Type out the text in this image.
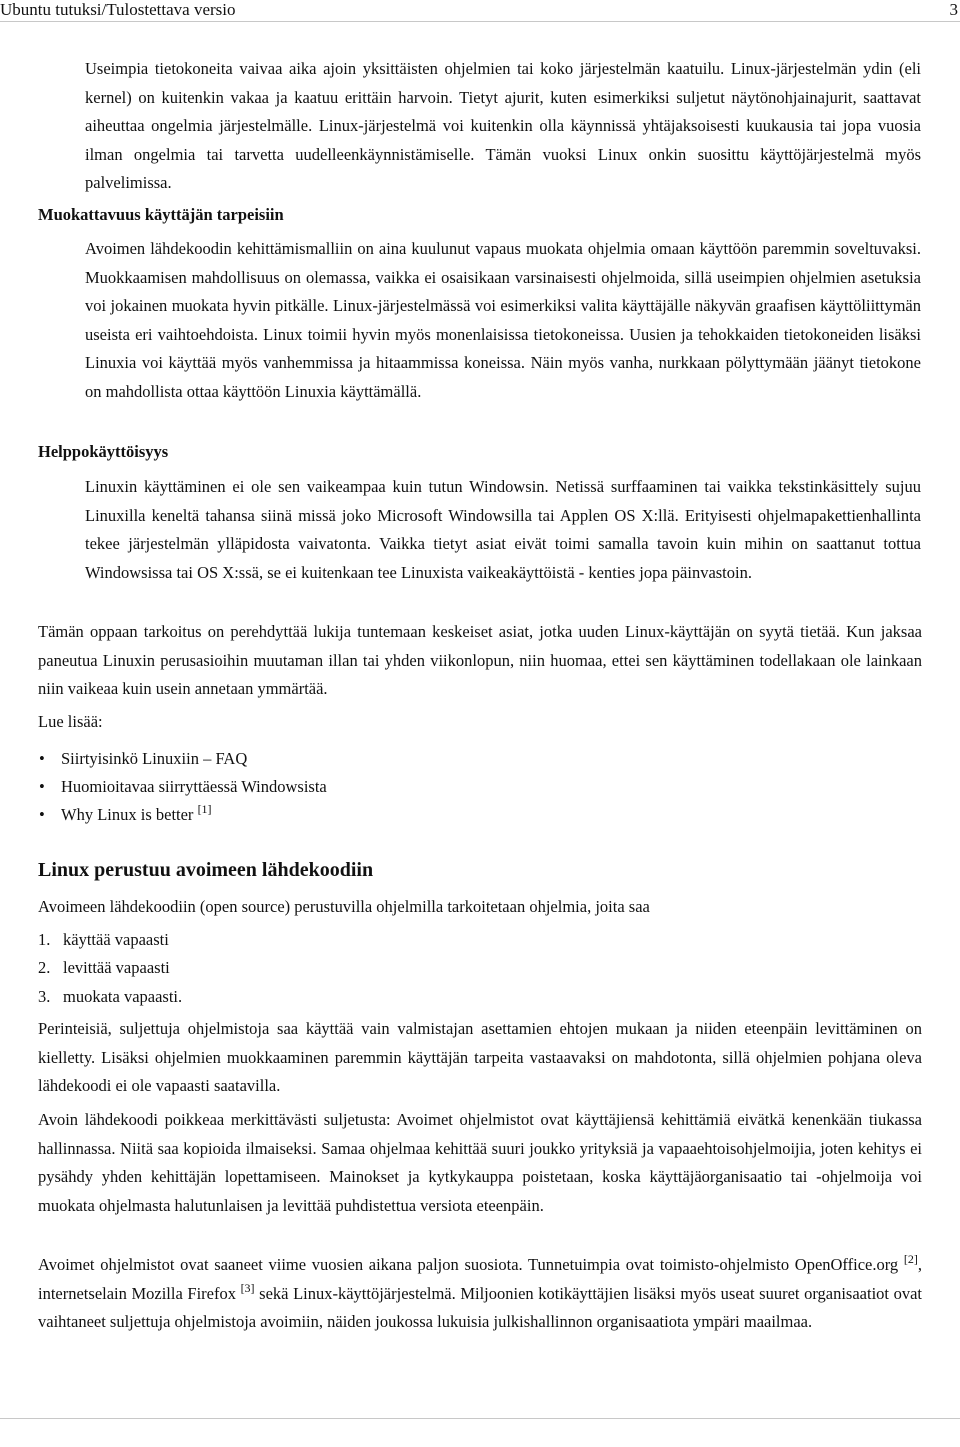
Ubuntu tutuksi/Tulostettava versio	3

Useimpia tietokoneita vaivaa aika ajoin yksittäisten ohjelmien tai koko järjestelmän kaatuilu. Linux-järjestelmän ydin (eli kernel) on kuitenkin vakaa ja kaatuu erittäin harvoin. Tietyt ajurit, kuten esimerkiksi suljetut näytönohjainajurit, saattavat aiheuttaa ongelmia järjestelmälle. Linux-järjestelmä voi kuitenkin olla käynnissä yhtäjaksoisesti kuukausia tai jopa vuosia ilman ongelmia tai tarvetta uudelleenkäynnistämiselle. Tämän vuoksi Linux onkin suosittu käyttöjärjestelmä myös palvelimissa.

Muokattavuus käyttäjän tarpeisiin

Avoimen lähdekoodin kehittämismalliin on aina kuulunut vapaus muokata ohjelmia omaan käyttöön paremmin soveltuvaksi. Muokkaamisen mahdollisuus on olemassa, vaikka ei osaisikaan varsinaisesti ohjelmoida, sillä useimpien ohjelmien asetuksia voi jokainen muokata hyvin pitkälle. Linux-järjestelmässä voi esimerkiksi valita käyttäjälle näkyvän graafisen käyttöliittymän useista eri vaihtoehdoista. Linux toimii hyvin myös monenlaisissa tietokoneissa. Uusien ja tehokkaiden tietokoneiden lisäksi Linuxia voi käyttää myös vanhemmissa ja hitaammissa koneissa. Näin myös vanha, nurkkaan pölyttymään jäänyt tietokone on mahdollista ottaa käyttöön Linuxia käyttämällä.

Helppokäyttöisyys

Linuxin käyttäminen ei ole sen vaikeampaa kuin tutun Windowsin. Netissä surffaaminen tai vaikka tekstinkäsittely sujuu Linuxilla keneltä tahansa siinä missä joko Microsoft Windowsilla tai Applen OS X:llä. Erityisesti ohjelmapakettienhallinta tekee järjestelmän ylläpidosta vaivatonta. Vaikka tietyt asiat eivät toimi samalla tavoin kuin mihin on saattanut tottua Windowsissa tai OS X:ssä, se ei kuitenkaan tee Linuxista vaikeakäyttöistä - kenties jopa päinvastoin.

Tämän oppaan tarkoitus on perehdyttää lukija tuntemaan keskeiset asiat, jotka uuden Linux-käyttäjän on syytä tietää. Kun jaksaa paneutua Linuxin perusasioihin muutaman illan tai yhden viikonlopun, niin huomaa, ettei sen käyttäminen todellakaan ole lainkaan niin vaikeaa kuin usein annetaan ymmärtää.

Lue lisää:

• Siirtyisinkö Linuxiin – FAQ
• Huomioitavaa siirryttäessä Windowsista
• Why Linux is better [1]
Linux perustuu avoimeen lähdekoodiin

Avoimeen lähdekoodiin (open source) perustuvilla ohjelmilla tarkoitetaan ohjelmia, joita saa

1. käyttää vapaasti
2. levittää vapaasti
3. muokata vapaasti.

Perinteisiä, suljettuja ohjelmistoja saa käyttää vain valmistajan asettamien ehtojen mukaan ja niiden eteenpäin levittäminen on kielletty. Lisäksi ohjelmien muokkaaminen paremmin käyttäjän tarpeita vastaavaksi on mahdotonta, sillä ohjelmien pohjana oleva lähdekoodi ei ole vapaasti saatavilla.

Avoin lähdekoodi poikkeaa merkittävästi suljetusta: Avoimet ohjelmistot ovat käyttäjiensä kehittämiä eivätkä kenenkään tiukassa hallinnassa. Niitä saa kopioida ilmaiseksi. Samaa ohjelmaa kehittää suuri joukko yrityksiä ja vapaaehtoisohjelmoijia, joten kehitys ei pysähdy yhden kehittäjän lopettamiseen. Mainokset ja kytkykauppa poistetaan, koska käyttäjäorganisaatio tai -ohjelmoija voi muokata ohjelmasta halutunlaisen ja levittää puhdistettua versiota eteenpäin.

Avoimet ohjelmistot ovat saaneet viime vuosien aikana paljon suosiota. Tunnetuimpia ovat toimisto-ohjelmisto OpenOffice.org [2], internetselain Mozilla Firefox [3] sekä Linux-käyttöjärjestelmä. Miljoonien kotikäyttäjien lisäksi myös useat suuret organisaatiot ovat vaihtaneet suljettuja ohjelmistoja avoimiin, näiden joukossa lukuisia julkishallinnon organisaatiota ympäri maailmaa.
